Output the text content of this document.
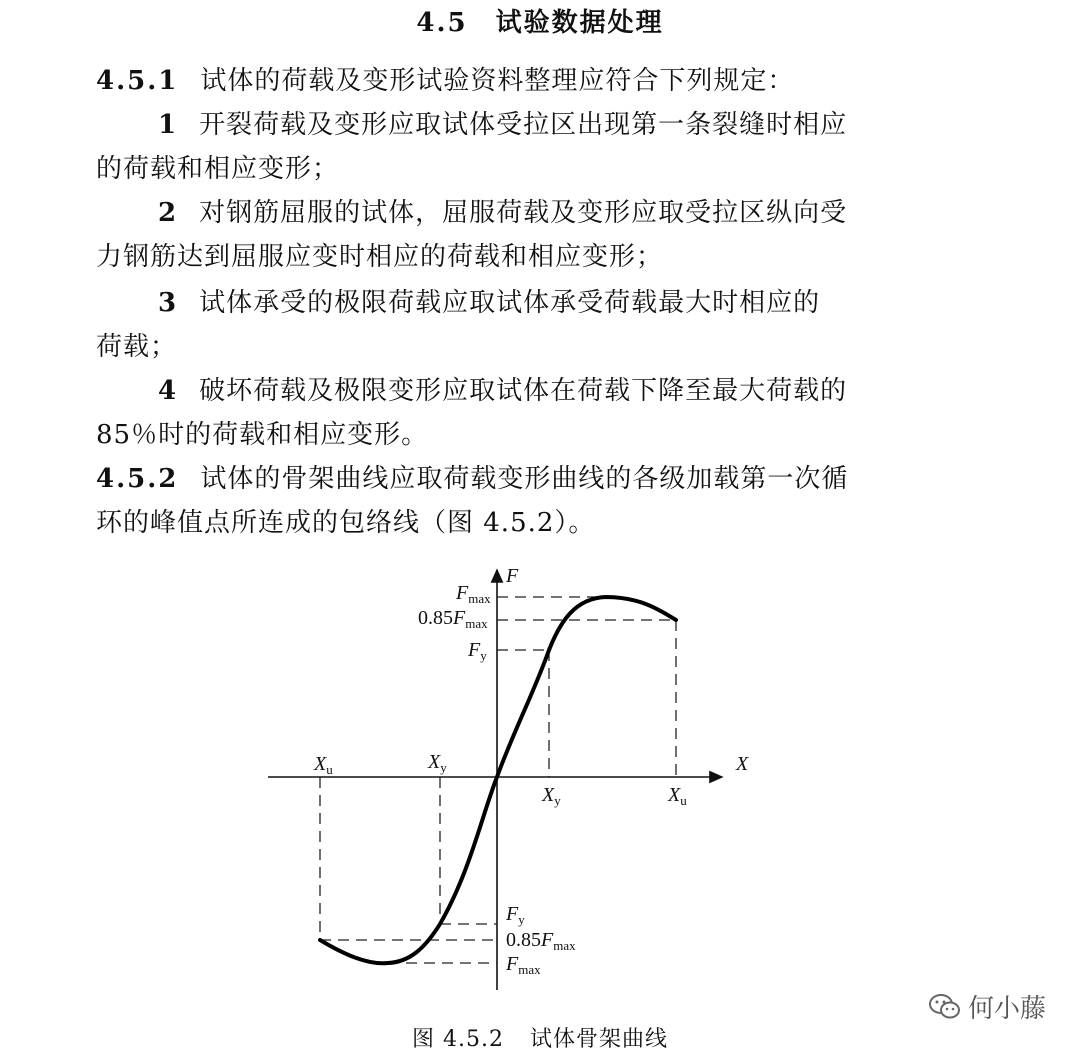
4.5 试验数据处理
4.5.1 试体的荷载及变形试验资料整理应符合下列规定：
1 开裂荷载及变形应取试体受拉区出现第一条裂缝时相应
的荷载和相应变形；
2 对钢筋屈服的试体，屈服荷载及变形应取受拉区纵向受
力钢筋达到屈服应变时相应的荷载和相应变形；
3 试体承受的极限荷载应取试体承受荷载最大时相应的
荷载；
4 破坏荷载及极限变形应取试体在荷载下降至最大荷载的
85％时的荷载和相应变形。
4.5.2 试体的骨架曲线应取荷载变形曲线的各级加载第一次循
环的峰值点所连成的包络线（图 4.5.2）。
F
X
$F_{max}$
$0.85F_{max}$
$F_y$
$X_u$	$X_y$
$X_y$	$X_u$
$F_y$
$0.85F_{max}$
$F_{max}$
图 4.5.2 试体骨架曲线
何小藤
